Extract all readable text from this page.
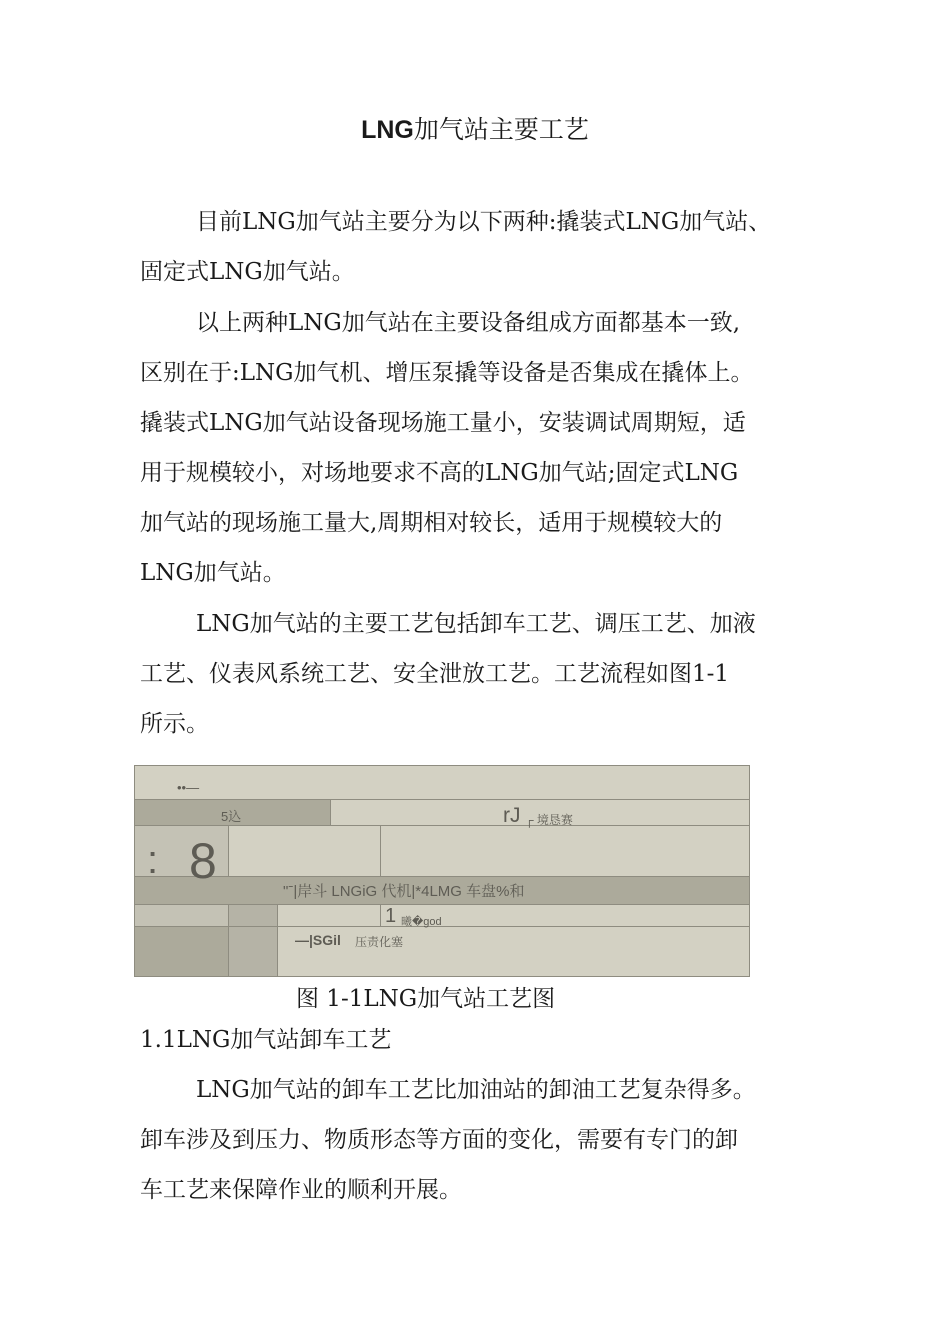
LNG加气站主要工艺
目前LNG加气站主要分为以下两种:撬装式LNG加气站、
固定式LNG加气站。
以上两种LNG加气站在主要设备组成方面都基本一致,
区别在于:LNG加气机、增压泵撬等设备是否集成在撬体上。
撬装式LNG加气站设备现场施工量小，安装调试周期短，适
用于规模较小，对场地要求不高的LNG加气站;固定式LNG
加气站的现场施工量大,周期相对较长，适用于规模较大的
LNG加气站。
LNG加气站的主要工艺包括卸车工艺、调压工艺、加液
工艺、仪表风系统工艺、安全泄放工艺。工艺流程如图1-1
所示。
••—
5込	rJ ┌ 境恳赛
: 8
"ˉ|岸斗 LNGiG 代机|*4LMG 车盘%和
1 曦�god
—|SGil 压责化塞
图 1-1LNG加气站工艺图
1.1LNG加气站卸车工艺
LNG加气站的卸车工艺比加油站的卸油工艺复杂得多。
卸车涉及到压力、物质形态等方面的变化，需要有专门的卸
车工艺来保障作业的顺利开展。
